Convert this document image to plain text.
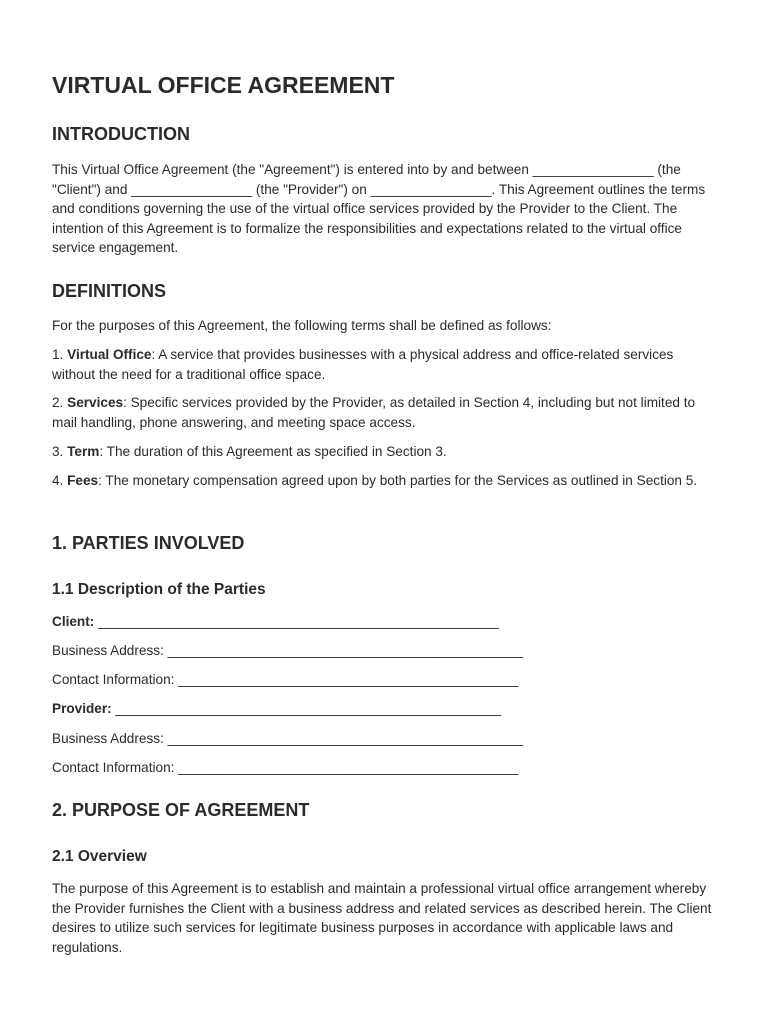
VIRTUAL OFFICE AGREEMENT
INTRODUCTION
This Virtual Office Agreement (the "Agreement") is entered into by and between ________________ (the "Client") and ________________ (the "Provider") on ________________. This Agreement outlines the terms and conditions governing the use of the virtual office services provided by the Provider to the Client. The intention of this Agreement is to formalize the responsibilities and expectations related to the virtual office service engagement.
DEFINITIONS
For the purposes of this Agreement, the following terms shall be defined as follows:
1. Virtual Office: A service that provides businesses with a physical address and office-related services without the need for a traditional office space.
2. Services: Specific services provided by the Provider, as detailed in Section 4, including but not limited to mail handling, phone answering, and meeting space access.
3. Term: The duration of this Agreement as specified in Section 3.
4. Fees: The monetary compensation agreed upon by both parties for the Services as outlined in Section 5.
1. PARTIES INVOLVED
1.1 Description of the Parties
Client: _____________________________________________________
Business Address: _______________________________________________
Contact Information: _____________________________________________
Provider: ___________________________________________________
Business Address: _______________________________________________
Contact Information: _____________________________________________
2. PURPOSE OF AGREEMENT
2.1 Overview
The purpose of this Agreement is to establish and maintain a professional virtual office arrangement whereby the Provider furnishes the Client with a business address and related services as described herein. The Client desires to utilize such services for legitimate business purposes in accordance with applicable laws and regulations.
